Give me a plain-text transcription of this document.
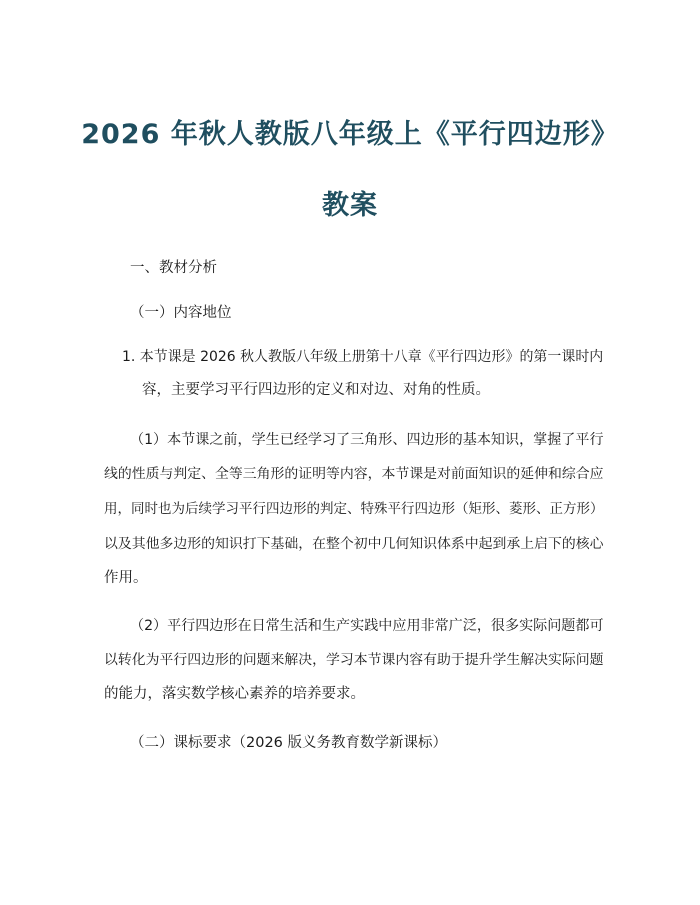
2026 年秋人教版八年级上《平行四边形》
教案
一、教材分析
（一）内容地位
1. 本节课是 2026 秋人教版八年级上册第十八章《平行四边形》的第一课时内
容，主要学习平行四边形的定义和对边、对角的性质。
（1）本节课之前，学生已经学习了三角形、四边形的基本知识，掌握了平行
线的性质与判定、全等三角形的证明等内容，本节课是对前面知识的延伸和综合应
用，同时也为后续学习平行四边形的判定、特殊平行四边形（矩形、菱形、正方形）
以及其他多边形的知识打下基础，在整个初中几何知识体系中起到承上启下的核心
作用。
（2）平行四边形在日常生活和生产实践中应用非常广泛，很多实际问题都可
以转化为平行四边形的问题来解决，学习本节课内容有助于提升学生解决实际问题
的能力，落实数学核心素养的培养要求。
（二）课标要求（2026 版义务教育数学新课标）
